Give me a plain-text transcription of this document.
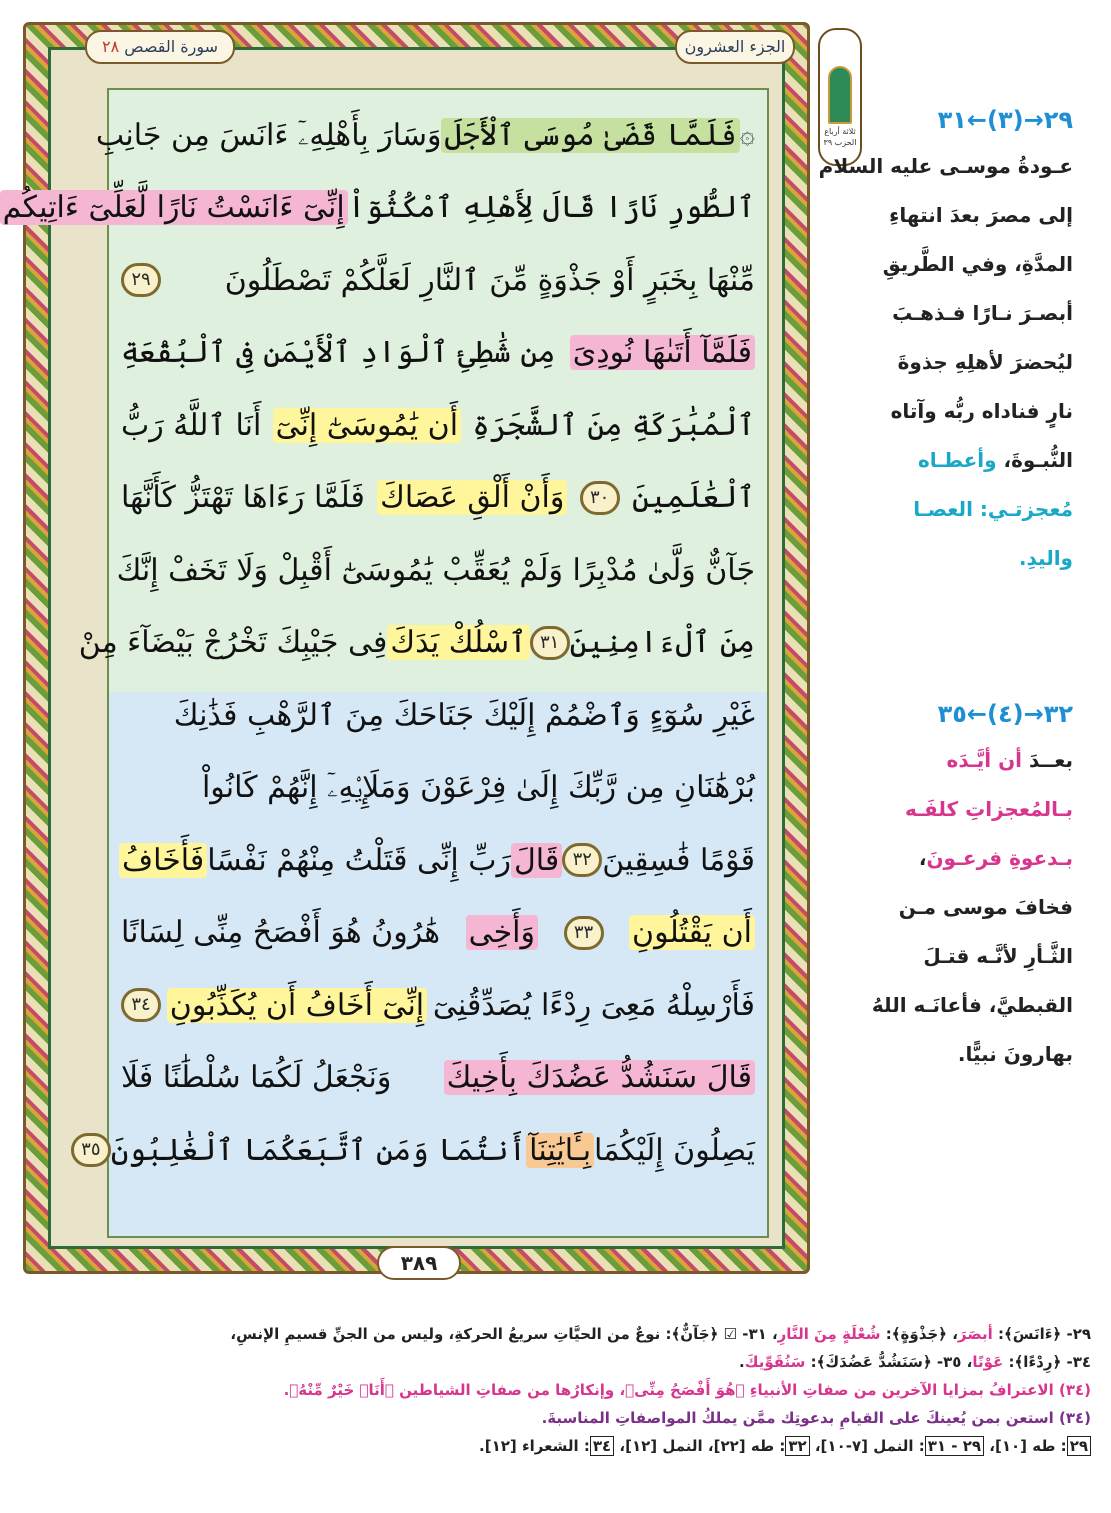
الجزء العشرون
سورة القصص ٢٨
۞
فَلَمَّا قَضَىٰ مُوسَى ٱلْأَجَلَ
وَسَارَ بِأَهْلِهِۦٓ ءَانَسَ مِن جَانِبِ
ٱلطُّورِ نَارًا قَالَ لِأَهْلِهِ ٱمْكُثُوٓاْ
إِنِّىٓ ءَانَسْتُ نَارًا لَّعَلِّىٓ ءَاتِيكُم
مِّنْهَا بِخَبَرٍ أَوْ جَذْوَةٍ مِّنَ ٱلنَّارِ لَعَلَّكُمْ تَصْطَلُونَ
٢٩
فَلَمَّآ أَتَىٰهَا نُودِىَ
مِن شَٰطِئِ ٱلْوَادِ ٱلْأَيْمَنِ فِى ٱلْبُقْعَةِ
ٱلْمُبَٰرَكَةِ مِنَ ٱلشَّجَرَةِ
أَن يَٰمُوسَىٰٓ إِنِّىٓ
أَنَا ٱللَّهُ رَبُّ
ٱلْعَٰلَمِينَ
٣٠
وَأَنْ أَلْقِ عَصَاكَ
فَلَمَّا رَءَاهَا تَهْتَزُّ كَأَنَّهَا
جَآنٌّ وَلَّىٰ مُدْبِرًا وَلَمْ يُعَقِّبْ يَٰمُوسَىٰٓ أَقْبِلْ وَلَا تَخَفْ إِنَّكَ
مِنَ ٱلْءَامِنِينَ
٣١
ٱسْلُكْ يَدَكَ
فِى جَيْبِكَ تَخْرُجْ بَيْضَآءَ مِنْ
غَيْرِ سُوٓءٍ وَٱضْمُمْ إِلَيْكَ جَنَاحَكَ مِنَ ٱلرَّهْبِ فَذَٰنِكَ
بُرْهَٰنَانِ مِن رَّبِّكَ إِلَىٰ فِرْعَوْنَ وَمَلَإِي۟هِۦٓ إِنَّهُمْ كَانُواْ
قَوْمًا فَٰسِقِينَ
٣٢
قَالَ
رَبِّ إِنِّى قَتَلْتُ مِنْهُمْ نَفْسًا
فَأَخَافُ
أَن يَقْتُلُونِ
٣٣
وَأَخِى
هَٰرُونُ هُوَ أَفْصَحُ مِنِّى لِسَانًا
فَأَرْسِلْهُ مَعِىَ رِدْءًا يُصَدِّقُنِىٓ
إِنِّىٓ أَخَافُ أَن يُكَذِّبُونِ
٣٤
قَالَ سَنَشُدُّ عَضُدَكَ بِأَخِيكَ
وَنَجْعَلُ لَكُمَا سُلْطَٰنًا فَلَا
يَصِلُونَ إِلَيْكُمَا
بِـَٔايَٰتِنَآ
أَنتُمَا وَمَنِ ٱتَّبَعَكُمَا ٱلْغَٰلِبُونَ
٣٥
٣٨٩
ثلاثة أرباع الحزب ٣٩
٢٩→(٣)←٣١
عـودةُ موسـى عليه السلام
إلى مصرَ بعدَ انتهاءِ
المدَّةِ، وفي الطَّريقِ
أبصـرَ نـارًا فـذهـبَ
ليُحضرَ لأهلِهِ جذوةَ
نارٍ فناداه ربُّه وآتاه
النُّبـوةَ، وأعطـاه
مُعجزتـي: العصـا
واليدِ.
٣٢→(٤)←٣٥
بعــدَ أن أيَّـدَه
بـالمُعجزاتِ كلفَـه
بـدعوةِ فرعـونَ،
فخافَ موسى مـن
الثَّـأرِ لأنَّـه قتـلَ
القبطيَّ، فأعانَـه اللهُ
بهارونَ نبيًّا.
٢٩- ﴿ءَانَسَ﴾: أبصَرَ، ﴿جَذْوَةٍ﴾: شُعْلَةٍ مِنَ النَّارِ، ٣١- ☑ ﴿جَآنٌّ﴾: نوعٌ من الحيَّاتِ سريعُ الحركةِ، وليس من الجنِّ قسيمِ الإنسِ،
٣٤- ﴿رِدْءًا﴾: عَوْنًا، ٣٥- ﴿سَنَشُدُّ عَضُدَكَ﴾: سَنُقَوِّيكَ.
(٣٤) الاعترافُ بمزايا الآخرين من صفاتِ الأنبياءِ ﴿هُوَ أَفْصَحُ مِنِّى﴾، وإنكارُها من صفاتِ الشياطين ﴿أَنَا۠ خَيْرٌ مِّنْهُ﴾.
(٣٤) استعن بمن يُعينكَ على القيامِ بدعوتِك ممَّن يملكُ المواصفاتِ المناسبةَ.
٢٩: طه [١٠]، ٢٩ - ٣١: النمل [٧-١٠]، ٣٢: طه [٢٢]، النمل [١٢]، ٣٤: الشعراء [١٢].
